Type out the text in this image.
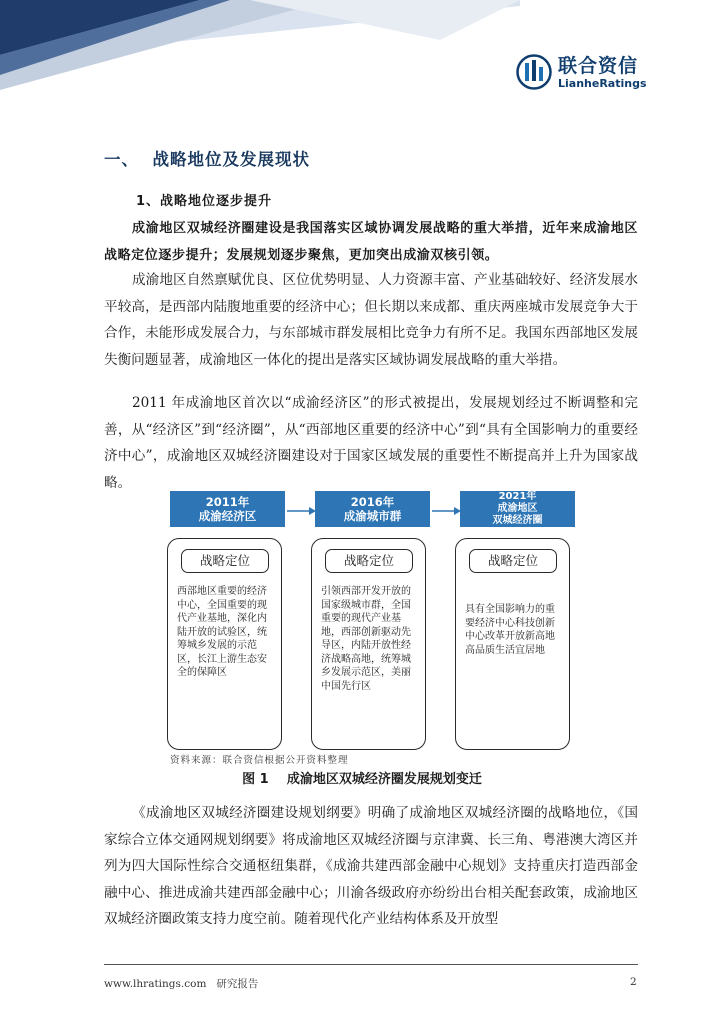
联合资信
LianheRatings
一、  战略地位及发展现状
1、战略地位逐步提升

成渝地区双城经济圈建设是我国落实区域协调发展战略的重大举措，近年来成渝地区战略定位逐步提升；发展规划逐步聚焦，更加突出成渝双核引领。

成渝地区自然禀赋优良、区位优势明显、人力资源丰富、产业基础较好、经济发展水平较高，是西部内陆腹地重要的经济中心；但长期以来成都、重庆两座城市发展竞争大于合作，未能形成发展合力，与东部城市群发展相比竞争力有所不足。我国东西部地区发展失衡问题显著，成渝地区一体化的提出是落实区域协调发展战略的重大举措。

2011 年成渝地区首次以“成渝经济区”的形式被提出，发展规划经过不断调整和完善，从“经济区”到“经济圈”，从“西部地区重要的经济中心”到“具有全国影响力的重要经济中心”，成渝地区双城经济圈建设对于国家区域发展的重要性不断提高并上升为国家战略。

2011年
成渝经济区
2016年
成渝城市群
2021年
成渝地区
双城经济圈
战略定位
西部地区重要的经济中心，全国重要的现代产业基地，深化内陆开放的试验区，统筹城乡发展的示范区，长江上游生态安全的保障区
战略定位
引领西部开发开放的国家级城市群，全国重要的现代产业基地，西部创新驱动先导区，内陆开放性经济战略高地，统筹城乡发展示范区，美丽中国先行区
战略定位
具有全国影响力的重要经济中心科技创新中心改革开放新高地高品质生活宜居地
资料来源：联合资信根据公开资料整理
图 1    成渝地区双城经济圈发展规划变迁

《成渝地区双城经济圈建设规划纲要》明确了成渝地区双城经济圈的战略地位，《国家综合立体交通网规划纲要》将成渝地区双城经济圈与京津冀、长三角、粤港澳大湾区并列为四大国际性综合交通枢纽集群，《成渝共建西部金融中心规划》支持重庆打造西部金融中心、推进成渝共建西部金融中心；川渝各级政府亦纷纷出台相关配套政策，成渝地区双城经济圈政策支持力度空前。随着现代化产业结构体系及开放型

www.lhratings.com 研究报告	2
